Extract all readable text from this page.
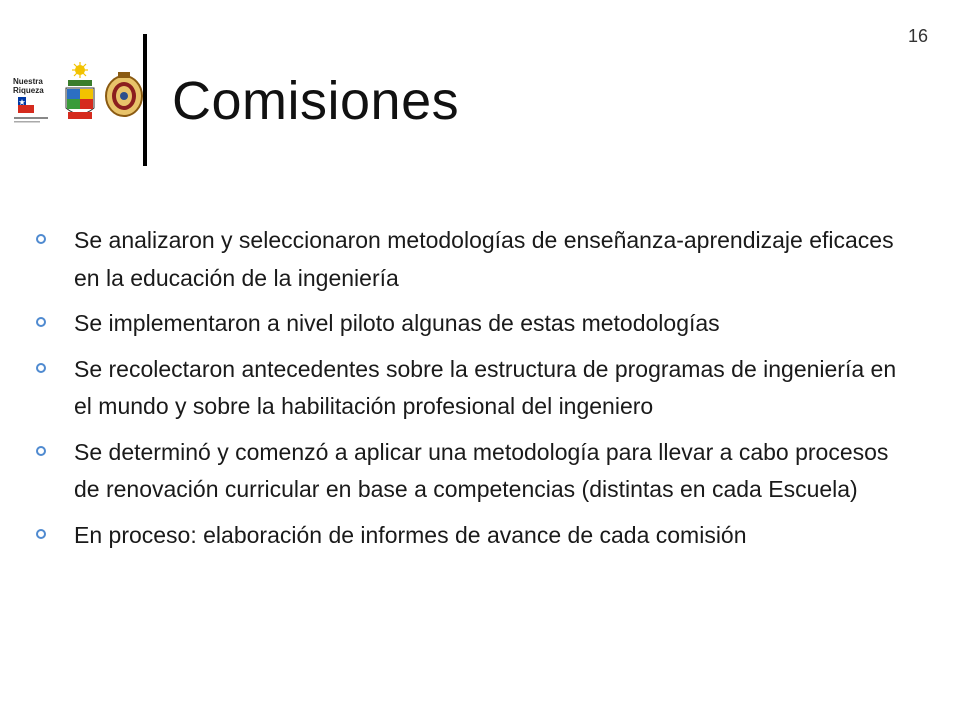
16
Nuestra
Riqueza Comisiones
Se analizaron y seleccionaron metodologías de enseñanza-aprendizaje eficaces en la educación de la ingeniería
Se implementaron a nivel piloto algunas de estas metodologías
Se recolectaron antecedentes sobre la estructura de programas de ingeniería en el mundo y sobre la habilitación profesional del ingeniero
Se determinó y comenzó a aplicar una metodología para llevar a cabo procesos de renovación curricular en base a competencias (distintas en cada Escuela)
En proceso: elaboración de informes de avance de cada comisión
